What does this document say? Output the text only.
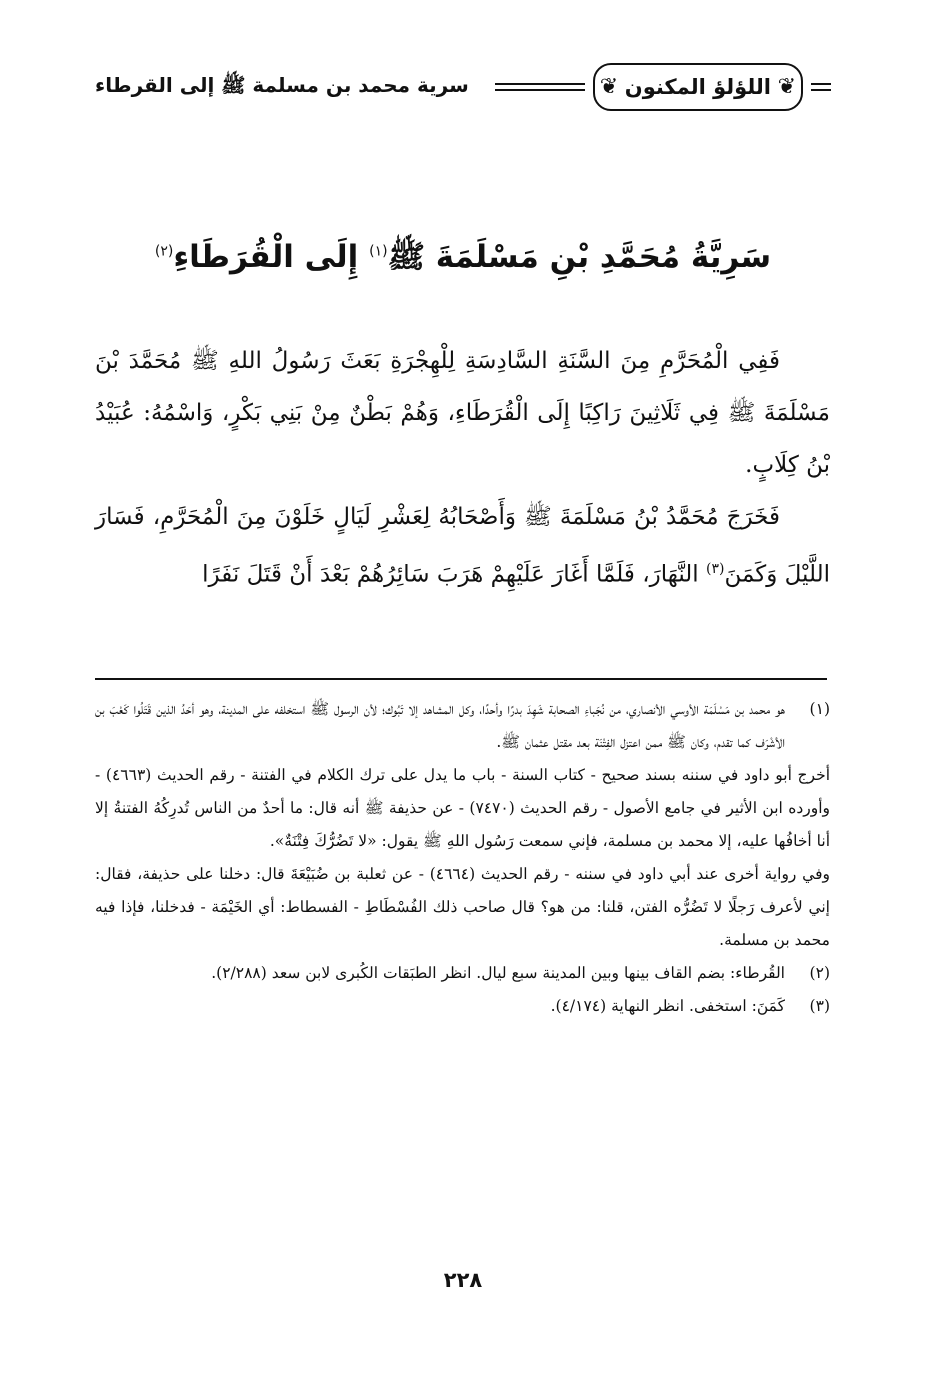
❦ اللؤلؤ المكنون ❦
سرية محمد بن مسلمة ﷺ إلى القرطاء
سَرِيَّةُ مُحَمَّدِ بْنِ مَسْلَمَةَ ﷺ$^{(١)}$ إِلَى الْقُرَطَاءِ$^{(٢)}$

فَفِي الْمُحَرَّمِ مِنَ السَّنَةِ السَّادِسَةِ لِلْهِجْرَةِ بَعَثَ رَسُولُ اللهِ ﷺ مُحَمَّدَ بْنَ مَسْلَمَةَ ﷺ فِي ثَلَاثِينَ رَاكِبًا إِلَى الْقُرَطَاءِ، وَهُمْ بَطْنٌ مِنْ بَنِي بَكْرٍ، وَاسْمُهُ: عُبَيْدُ بْنُ كِلَابٍ.

فَخَرَجَ مُحَمَّدُ بْنُ مَسْلَمَةَ ﷺ وَأَصْحَابُهُ لِعَشْرِ لَيَالٍ خَلَوْنَ مِنَ الْمُحَرَّمِ، فَسَارَ اللَّيْلَ وَكَمَنَ$^{(٣)}$ النَّهَارَ، فَلَمَّا أَغَارَ عَلَيْهِمْ هَرَبَ سَائِرُهُمْ بَعْدَ أَنْ قَتَلَ نَفَرًا

(١)

هو محمد بن مَسْلَمَة الأوسي الأنصاري، من نُجَباءِ الصحابة شَهِدَ بدرًا وأحدًا، وكل المشاهد إلا تَبُوك؛ لأن الرسول ﷺ استخلفه على المدينة، وهو أحَدُ الذين قَتَلُوا كَعْبَ بن الأشْرَف كما تقدم، وكان ﷺ ممن اعتزل الفِتْنَة بعد مقتل عثمان ﷺ.

أخرج أبو داود في سننه بسند صحيح - كتاب السنة - باب ما يدل على ترك الكلام في الفتنة - رقم الحديث (٤٦٦٣) - وأورده ابن الأثير في جامع الأصول - رقم الحديث (٧٤٧٠) - عن حذيفة ﷺ أنه قال: ما أحدٌ من الناس تُدرِكُهُ الفتنةُ إلا أنا أخافُها عليه، إلا محمد بن مسلمة، فإني سمعت رَسُول اللهِ ﷺ يقول: «لا تَضُرُّكَ فِتْنَةٌ».

وفي رواية أخرى عند أبي داود في سننه - رقم الحديث (٤٦٦٤) - عن ثعلبة بن ضُبَيْعَةَ قال: دخلنا على حذيفة، فقال: إني لأعرف رَجلًا لا تَضُرُّه الفتن، قلنا: من هو؟ قال صاحب ذلك الفُسْطَاطِ - الفسطاط: أي الخَيْمَة - فدخلنا، فإذا فيه محمد بن مسلمة.

(٢)

القُرطاء: بضم القاف بينها وبين المدينة سبع ليال. انظر الطبَقات الكُبرى لابن سعد (٢/٢٨٨).

(٣)

كَمَنَ: استخفى. انظر النهاية (٤/١٧٤).

٢٢٨
